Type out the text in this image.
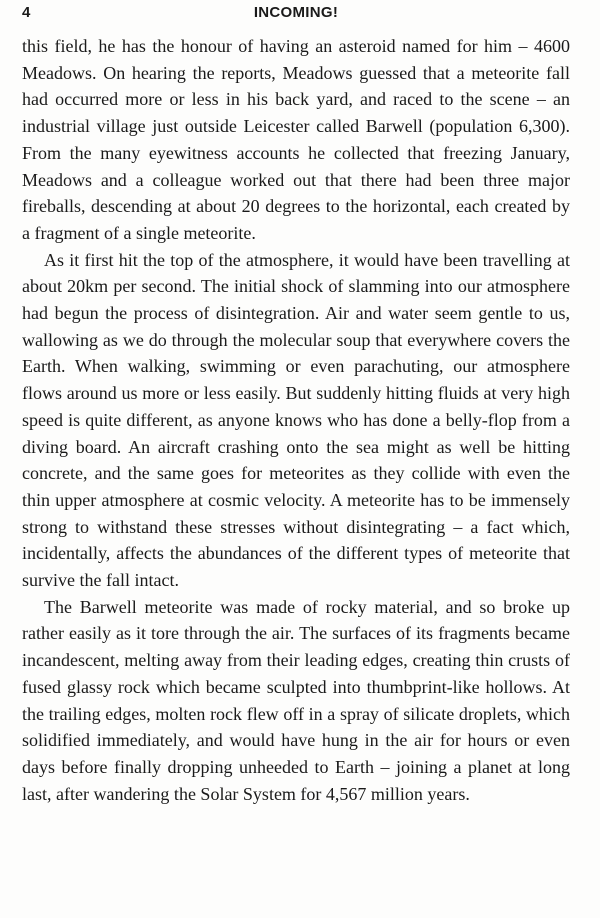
4	INCOMING!

this field, he has the honour of having an asteroid named for him – 4600 Meadows. On hearing the reports, Meadows guessed that a meteorite fall had occurred more or less in his back yard, and raced to the scene – an industrial village just outside Leicester called Barwell (population 6,300). From the many eyewitness accounts he collected that freezing January, Meadows and a colleague worked out that there had been three major fireballs, descending at about 20 degrees to the horizontal, each created by a fragment of a single meteorite.

As it first hit the top of the atmosphere, it would have been travelling at about 20km per second. The initial shock of slamming into our atmosphere had begun the process of disintegration. Air and water seem gentle to us, wallowing as we do through the molecular soup that everywhere covers the Earth. When walking, swimming or even parachuting, our atmosphere flows around us more or less easily. But suddenly hitting fluids at very high speed is quite different, as anyone knows who has done a belly-flop from a diving board. An aircraft crashing onto the sea might as well be hitting concrete, and the same goes for meteorites as they collide with even the thin upper atmosphere at cosmic velocity. A meteorite has to be immensely strong to withstand these stresses without disintegrating – a fact which, incidentally, affects the abundances of the different types of meteorite that survive the fall intact.

The Barwell meteorite was made of rocky material, and so broke up rather easily as it tore through the air. The surfaces of its fragments became incandescent, melting away from their leading edges, creating thin crusts of fused glassy rock which became sculpted into thumbprint-like hollows. At the trailing edges, molten rock flew off in a spray of silicate droplets, which solidified immediately, and would have hung in the air for hours or even days before finally dropping unheeded to Earth – joining a planet at long last, after wandering the Solar System for 4,567 million years.
